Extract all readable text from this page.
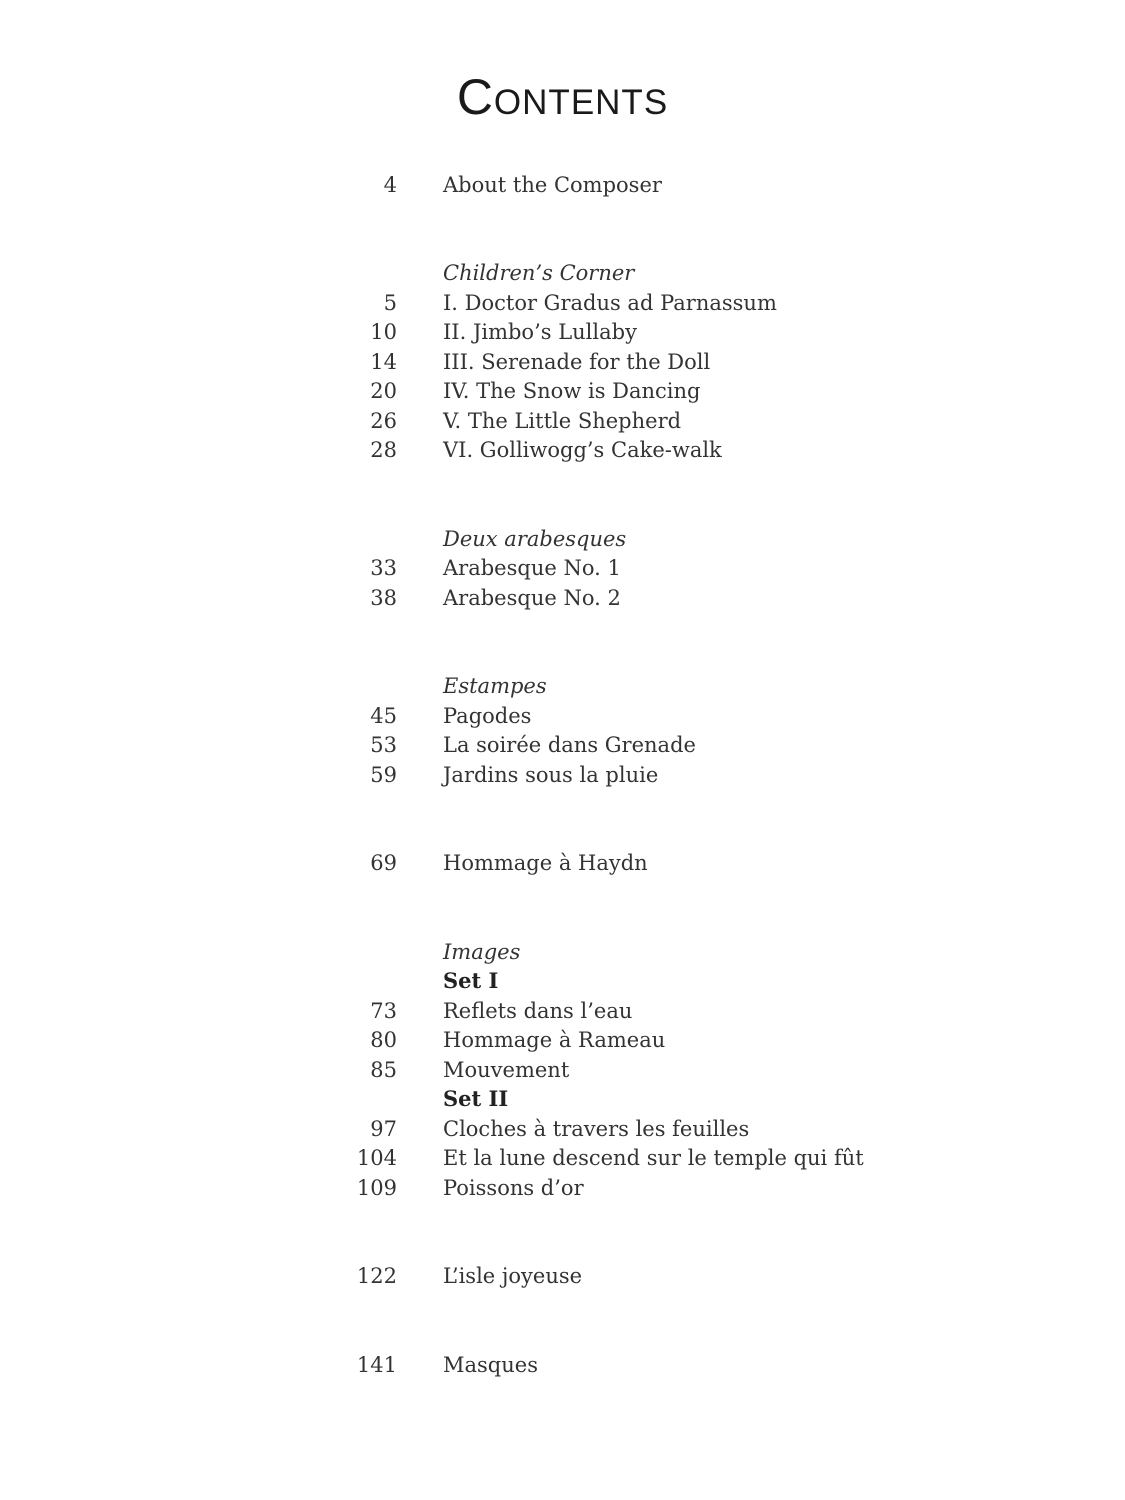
Contents
4 About the Composer
Children’s Corner
5 I. Doctor Gradus ad Parnassum
10 II. Jimbo’s Lullaby
14 III. Serenade for the Doll
20 IV. The Snow is Dancing
26 V. The Little Shepherd
28 VI. Golliwogg’s Cake-walk
Deux arabesques
33 Arabesque No. 1
38 Arabesque No. 2
Estampes
45 Pagodes
53 La soirée dans Grenade
59 Jardins sous la pluie
69 Hommage à Haydn
Images
Set I
73 Reflets dans l’eau
80 Hommage à Rameau
85 Mouvement
Set II
97 Cloches à travers les feuilles
104 Et la lune descend sur le temple qui fût
109 Poissons d’or
122 L’isle joyeuse
141 Masques
